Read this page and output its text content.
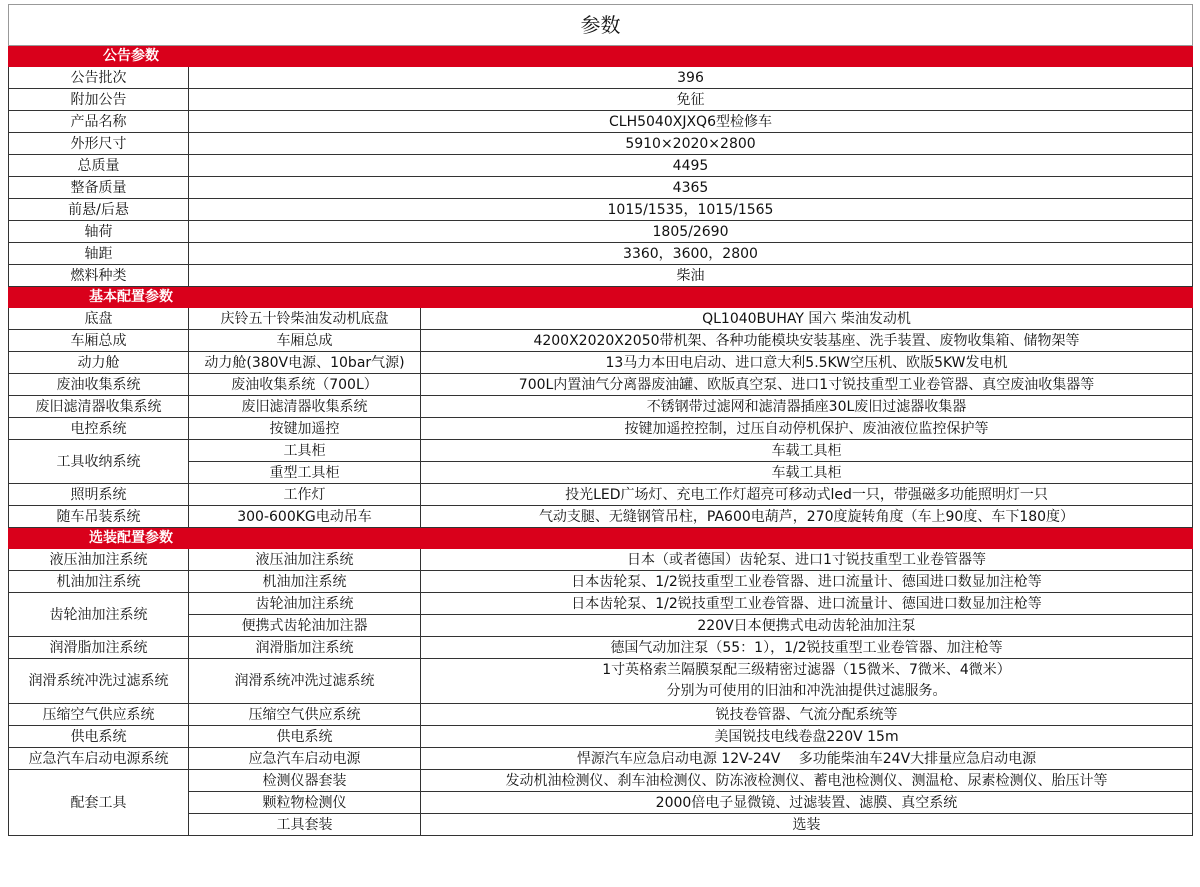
参数		
公告参数		
公告批次	396	
附加公告	免征	
产品名称	CLH5040XJXQ6型检修车	
外形尺寸	5910×2020×2800	
总质量	4495	
整备质量	4365	
前悬/后悬	1015/1535，1015/1565	
轴荷	1805/2690	
轴距	3360，3600，2800	
燃料种类	柴油	
基本配置参数		
底盘	庆铃五十铃柴油发动机底盘	QL1040BUHAY 国六 柴油发动机
车厢总成	车厢总成	4200X2020X2050带机架、各种功能模块安装基座、洗手装置、废物收集箱、储物架等
动力舱	动力舱(380V电源、10bar气源)	13马力本田电启动、进口意大利5.5KW空压机、欧版5KW发电机
废油收集系统	废油收集系统（700L）	700L内置油气分离器废油罐、欧版真空泵、进口1寸锐技重型工业卷管器、真空废油收集器等
废旧滤清器收集系统	废旧滤清器收集系统	不锈钢带过滤网和滤清器插座30L废旧过滤器收集器
电控系统	按键加遥控	按键加遥控控制，过压自动停机保护、废油液位监控保护等
工具收纳系统	工具柜	车载工具柜
	重型工具柜	车载工具柜
照明系统	工作灯	投光LED广场灯、充电工作灯超亮可移动式led一只，带强磁多功能照明灯一只
随车吊装系统	300-600KG电动吊车	气动支腿、无缝钢管吊柱，PA600电葫芦，270度旋转角度（车上90度、车下180度）
选装配置参数		
液压油加注系统	液压油加注系统	日本（或者德国）齿轮泵、进口1寸锐技重型工业卷管器等
机油加注系统	机油加注系统	日本齿轮泵、1/2锐技重型工业卷管器、进口流量计、德国进口数显加注枪等
齿轮油加注系统	齿轮油加注系统	日本齿轮泵、1/2锐技重型工业卷管器、进口流量计、德国进口数显加注枪等
	便携式齿轮油加注器	220V日本便携式电动齿轮油加注泵
润滑脂加注系统	润滑脂加注系统	德国气动加注泵（55：1），1/2锐技重型工业卷管器、加注枪等
润滑系统冲洗过滤系统	润滑系统冲洗过滤系统	1寸英格索兰隔膜泵配三级精密过滤器（15微米、7微米、4微米）
分别为可使用的旧油和冲洗油提供过滤服务。

压缩空气供应系统	压缩空气供应系统	锐技卷管器、气流分配系统等
供电系统	供电系统	美国锐技电线卷盘220V 15m
应急汽车启动电源系统	应急汽车启动电源	悍源汽车应急启动电源 12V-24V　 多功能柴油车24V大排量应急启动电源
配套工具	检测仪器套装	发动机油检测仪、刹车油检测仪、防冻液检测仪、蓄电池检测仪、测温枪、尿素检测仪、胎压计等
	颗粒物检测仪	2000倍电子显微镜、过滤装置、滤膜、真空系统
	工具套装	选装
